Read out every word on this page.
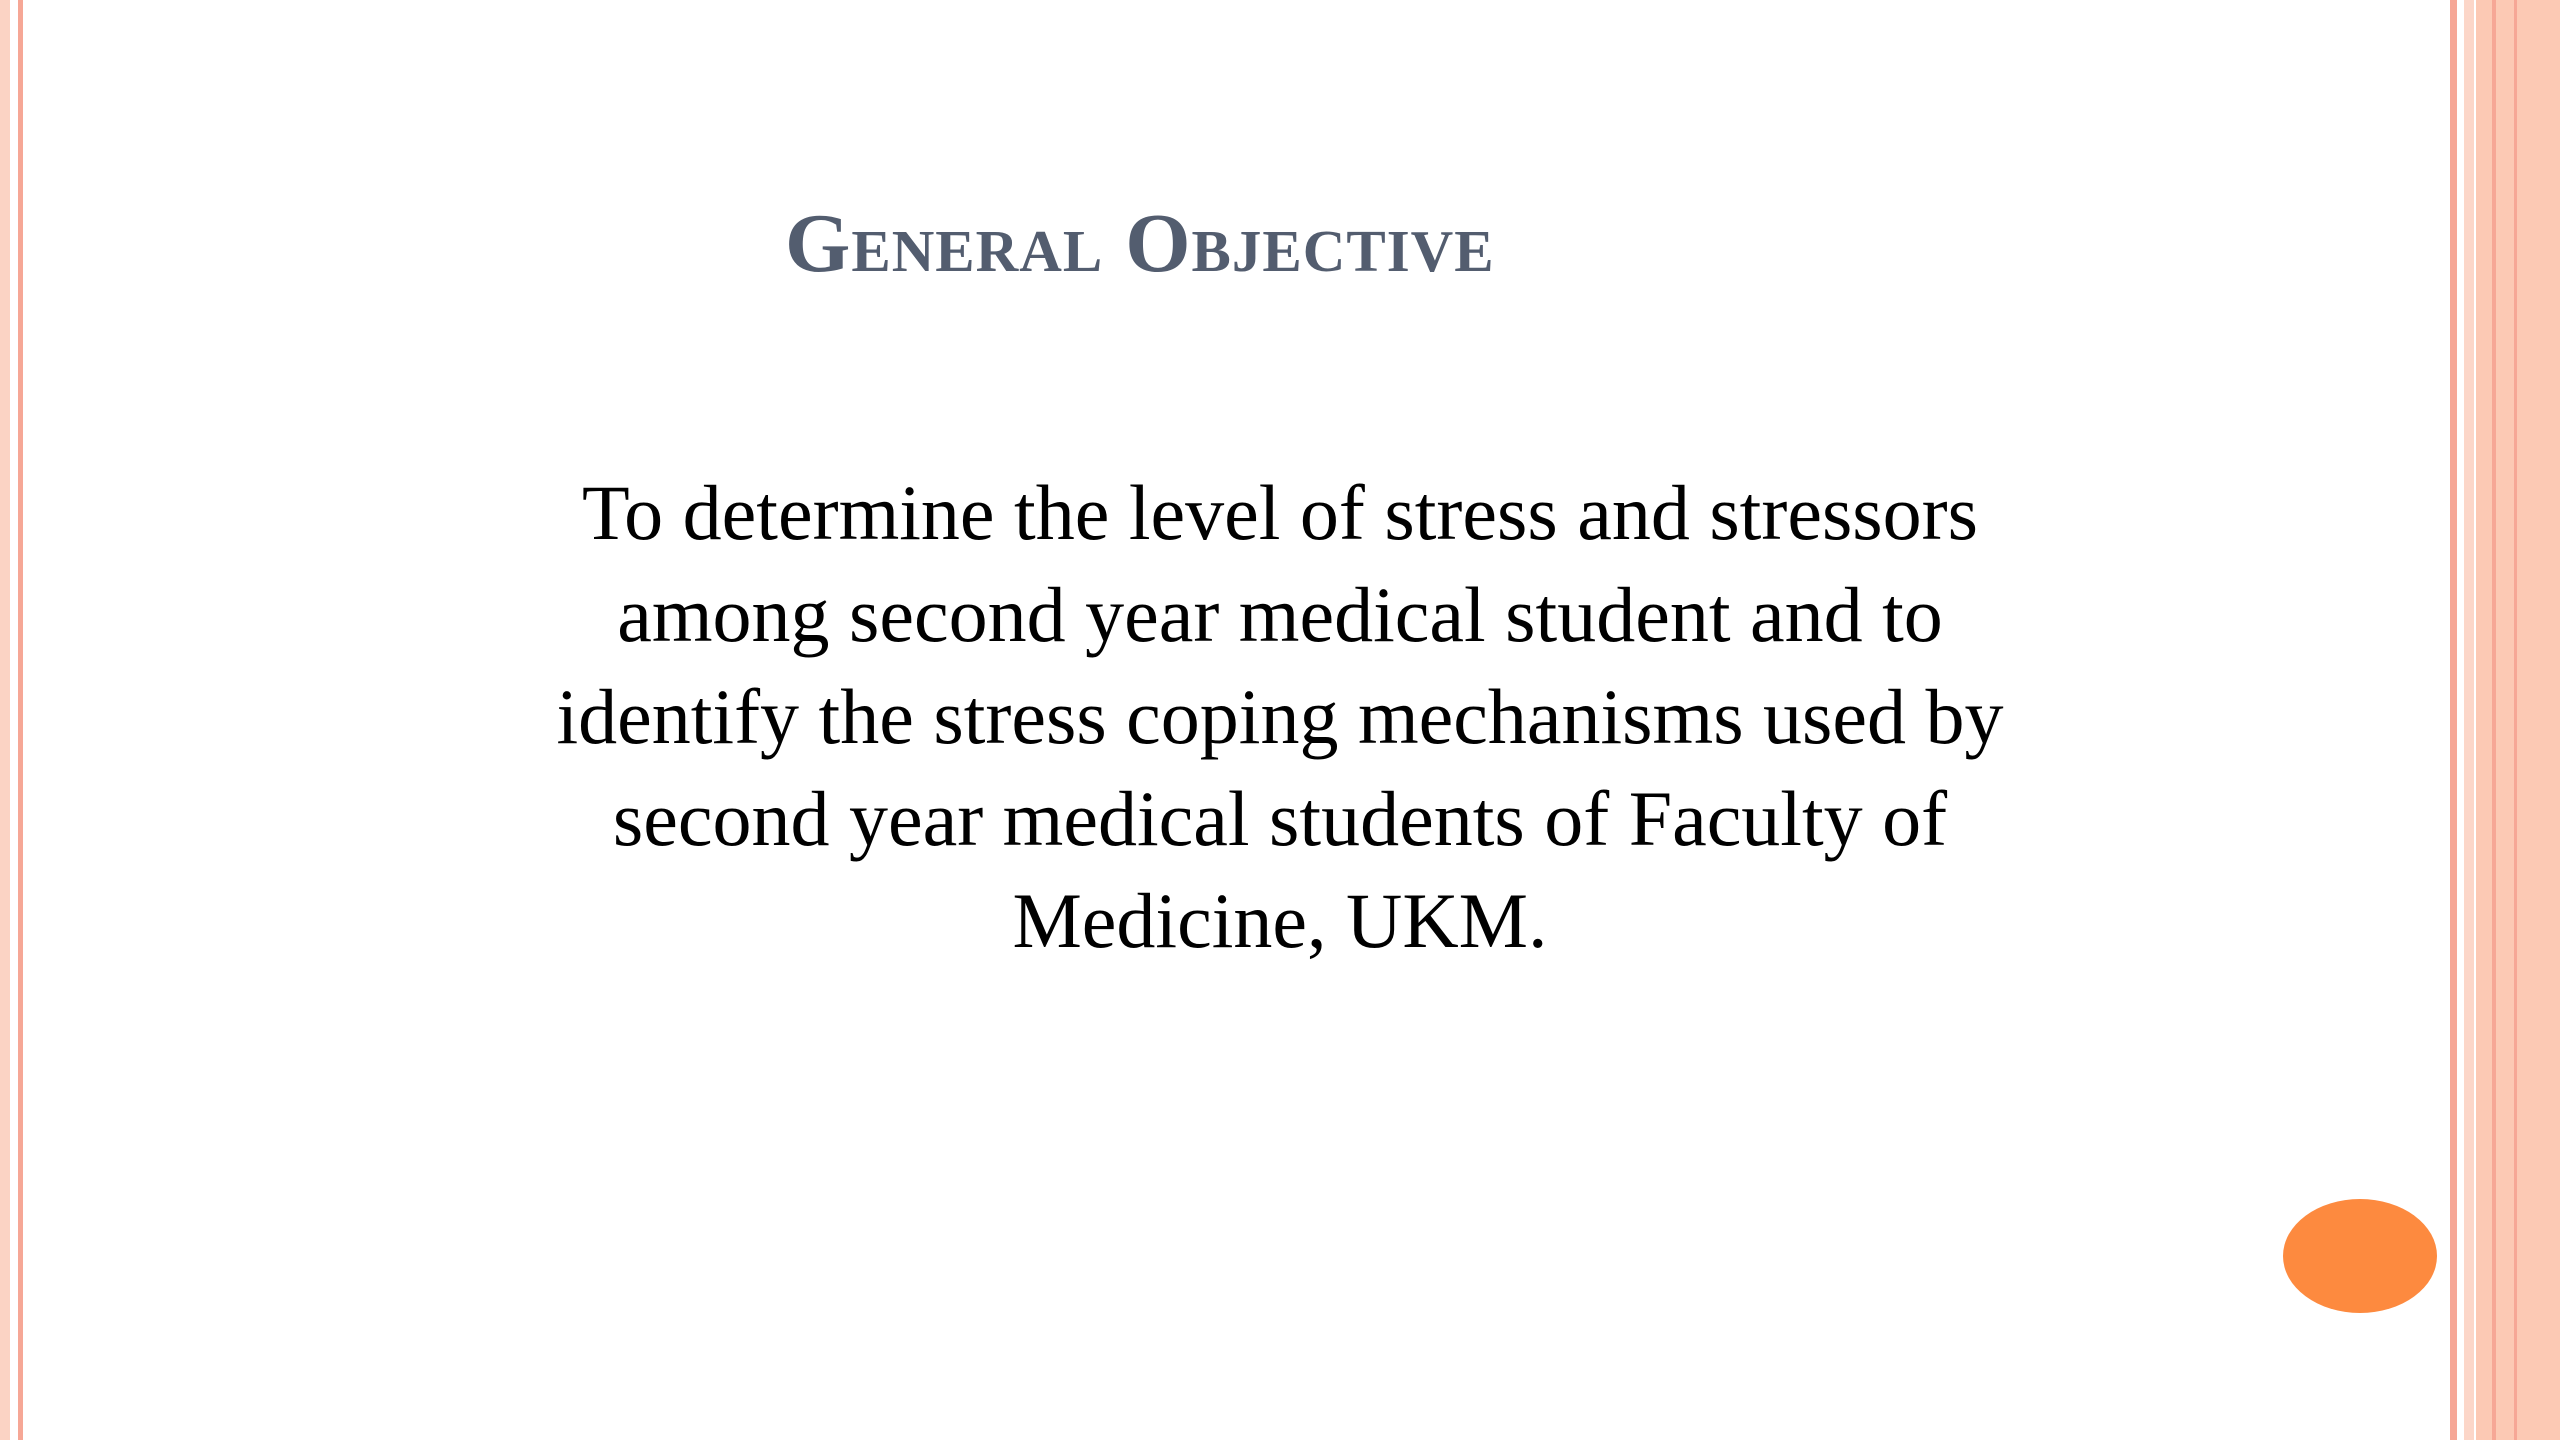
General Objective

To determine the level of stress and stressors
among second year medical student and to
identify the stress coping mechanisms used by
second year medical students of Faculty of
Medicine, UKM.
